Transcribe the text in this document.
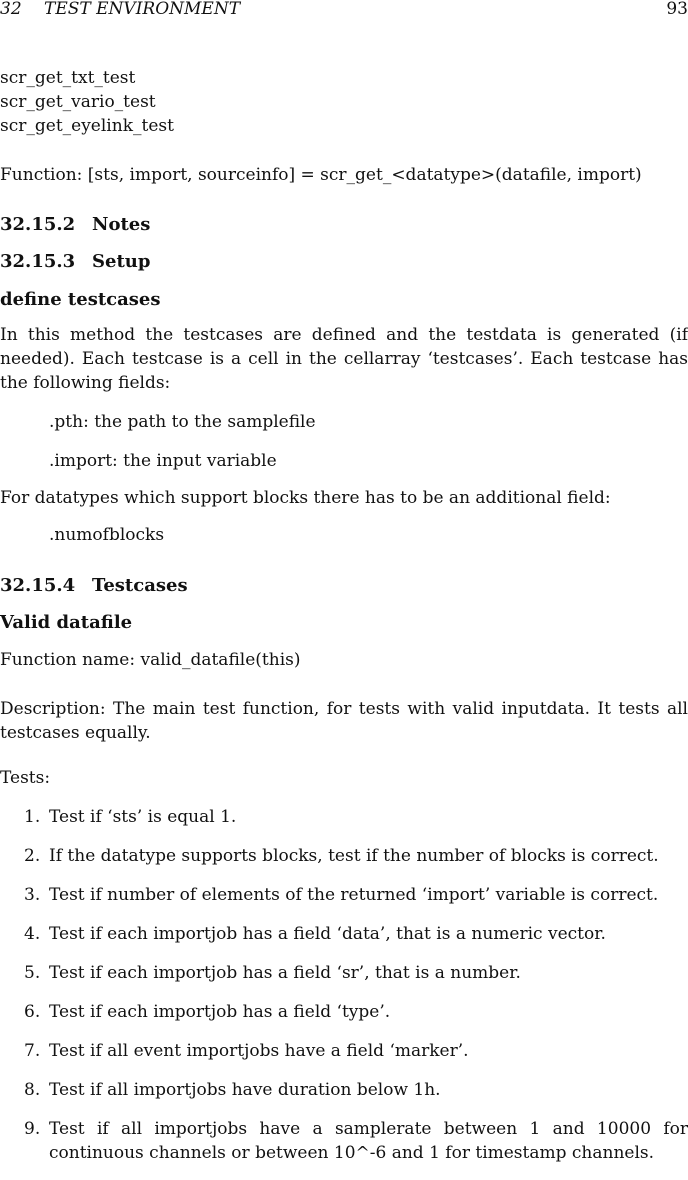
32 TEST ENVIRONMENT	93
scr_get_txt_test
scr_get_vario_test
scr_get_eyelink_test
Function: [sts, import, sourceinfo] = scr_get_<datatype>(datafile, import)
32.15.2 Notes
32.15.3 Setup
define testcases
In this method the testcases are defined and the testdata is generated (if needed). Each testcase is a cell in the cellarray ‘testcases’. Each testcase has the following fields:
.pth: the path to the samplefile
.import: the input variable
For datatypes which support blocks there has to be an additional field:
.numofblocks
32.15.4 Testcases
Valid datafile
Function name: valid_datafile(this)
Description: The main test function, for tests with valid inputdata. It tests all testcases equally.
Tests:
1. Test if ‘sts’ is equal 1.
2. If the datatype supports blocks, test if the number of blocks is correct.
3. Test if number of elements of the returned ‘import’ variable is correct.
4. Test if each importjob has a field ‘data’, that is a numeric vector.
5. Test if each importjob has a field ‘sr’, that is a number.
6. Test if each importjob has a field ‘type’.
7. Test if all event importjobs have a field ‘marker’.
8. Test if all importjobs have duration below 1h.
9. Test if all importjobs have a samplerate between 1 and 10000 for continuous channels or between 10^-6 and 1 for timestamp channels.
